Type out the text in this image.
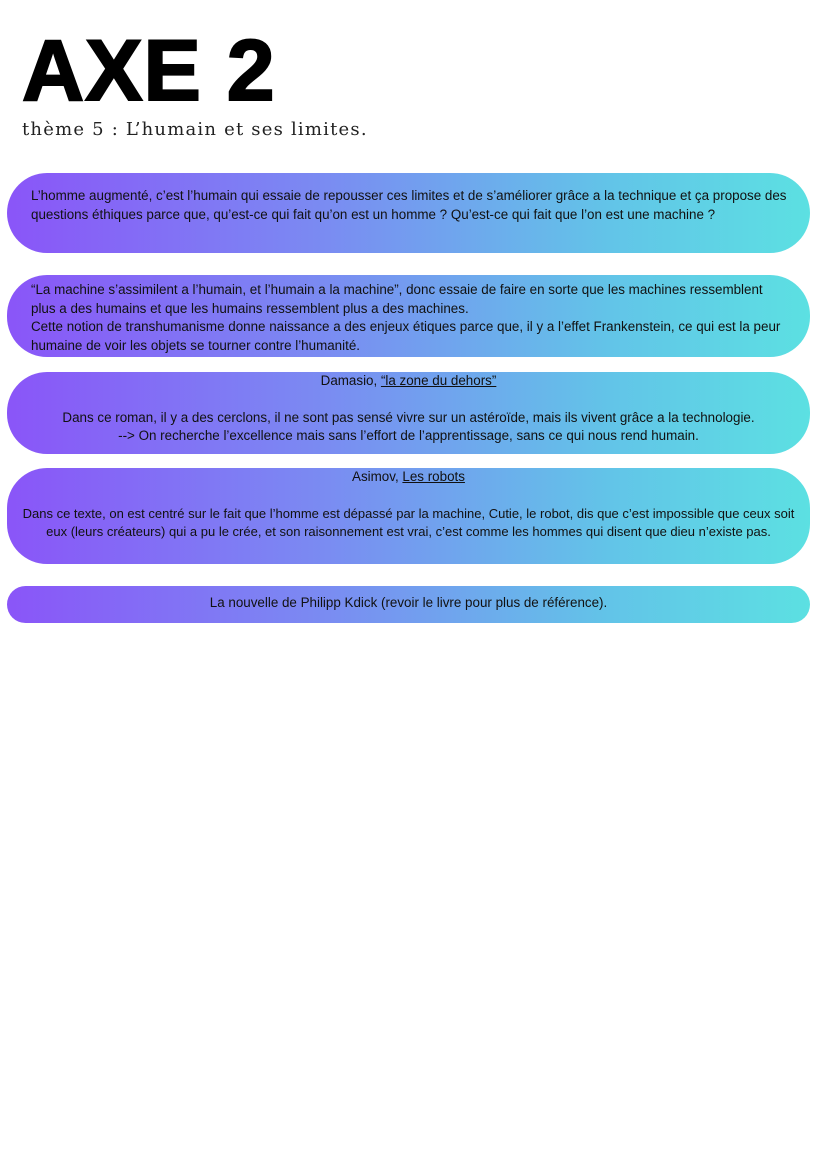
AXE 2
thème 5 : L’humain et ses limites.
L’homme augmenté, c’est l’humain qui essaie de repousser ces limites et de s’améliorer grâce a la technique et ça propose des questions éthiques parce que, qu’est-ce qui fait qu’on est un homme ? Qu’est-ce qui fait que l’on est une machine ?
“La machine s’assimilent a l’humain, et l’humain a la machine”, donc essaie de faire en sorte que les machines ressemblent plus a des humains et que les humains ressemblent plus a des machines.
Cette notion de transhumanisme donne naissance a des enjeux étiques parce que, il y a l’effet Frankenstein, ce qui est la peur humaine de voir les objets se tourner contre l’humanité.
Damasio, “la zone du dehors”
Dans ce roman, il y a des cerclons, il ne sont pas sensé vivre sur un astéroïde, mais ils vivent grâce a la technologie.
--> On recherche l’excellence mais sans l’effort de l’apprentissage, sans ce qui nous rend humain.
Asimov, Les robots
Dans ce texte, on est centré sur le fait que l’homme est dépassé par la machine, Cutie, le robot, dis que c’est impossible que ceux soit eux (leurs créateurs) qui a pu le crée, et son raisonnement est vrai, c’est comme les hommes qui disent que dieu n’existe pas.
La nouvelle de Philipp Kdick (revoir le livre pour plus de référence).
